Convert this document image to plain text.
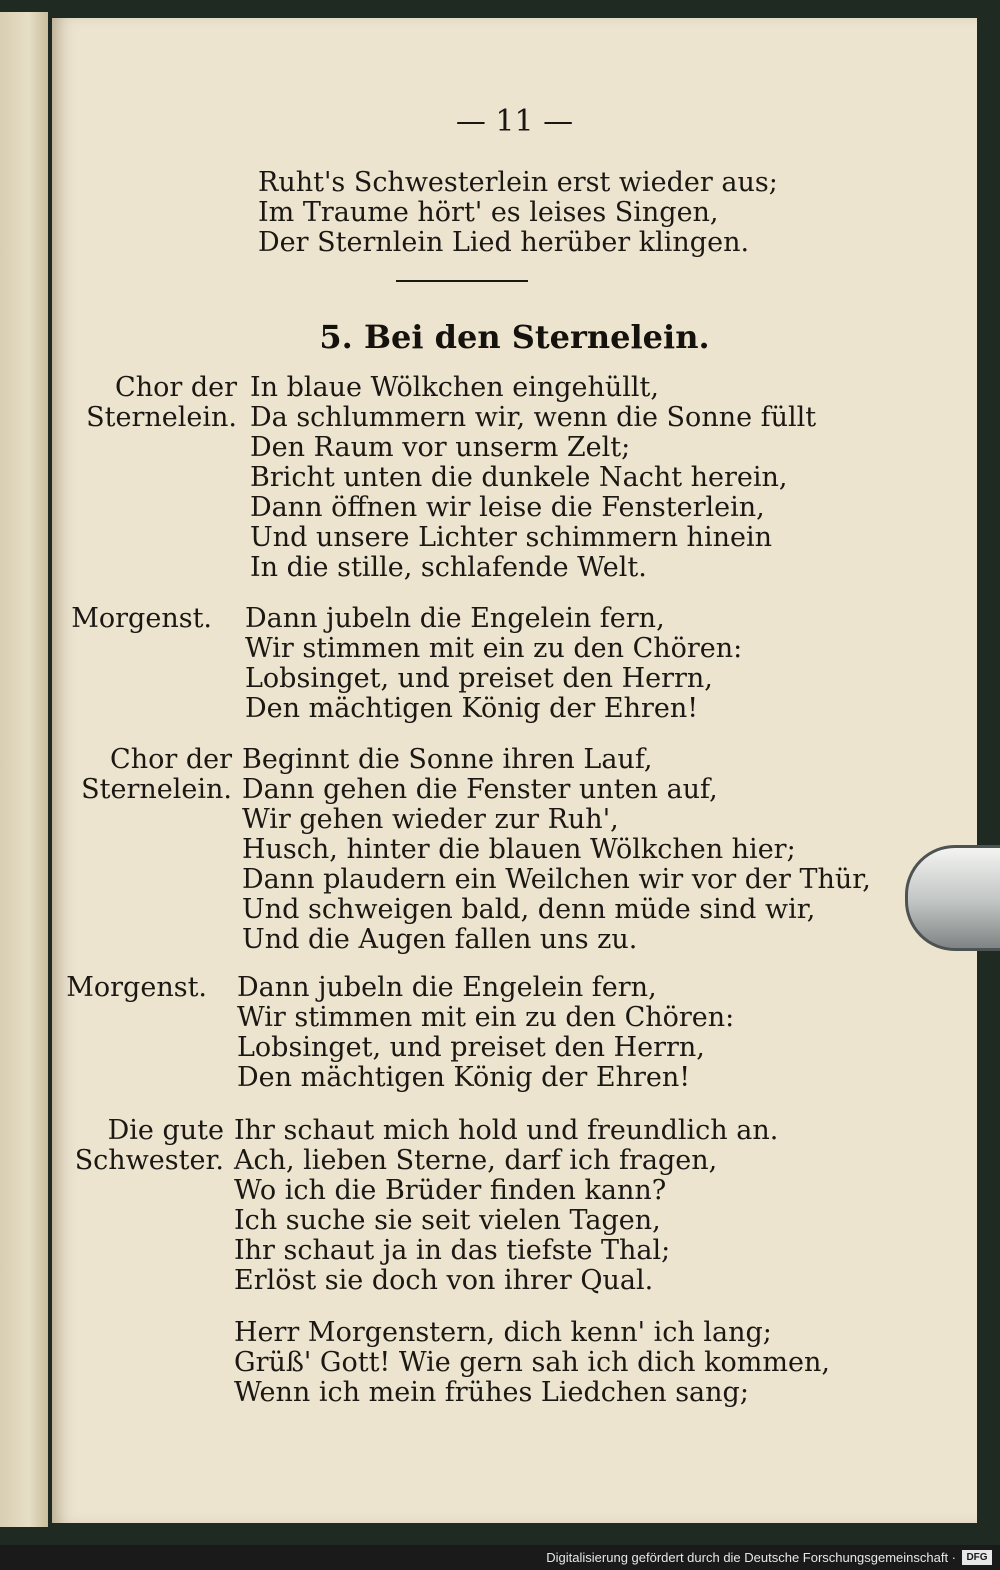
— 11 —
Ruht's Schwesterlein erst wieder aus;
Im Traume hört' es leises Singen,
Der Sternlein Lied herüber klingen.
5. Bei den Sternelein.
Chor der
Sternelein.
In blaue Wölkchen eingehüllt,
Da schlummern wir, wenn die Sonne füllt
Den Raum vor unserm Zelt;
Bricht unten die dunkele Nacht herein,
Dann öffnen wir leise die Fensterlein,
Und unsere Lichter schimmern hinein
In die stille, schlafende Welt.
Morgenst. Dann jubeln die Engelein fern,
Wir stimmen mit ein zu den Chören:
Lobsinget, und preiset den Herrn,
Den mächtigen König der Ehren!
Chor der
Sternelein.
Beginnt die Sonne ihren Lauf,
Dann gehen die Fenster unten auf,
Wir gehen wieder zur Ruh',
Husch, hinter die blauen Wölkchen hier;
Dann plaudern ein Weilchen wir vor der Thür,
Und schweigen bald, denn müde sind wir,
Und die Augen fallen uns zu.
Morgenst. Dann jubeln die Engelein fern,
Wir stimmen mit ein zu den Chören:
Lobsinget, und preiset den Herrn,
Den mächtigen König der Ehren!
Die gute
Schwester.
Ihr schaut mich hold und freundlich an.
Ach, lieben Sterne, darf ich fragen,
Wo ich die Brüder finden kann?
Ich suche sie seit vielen Tagen,
Ihr schaut ja in das tiefste Thal;
Erlöst sie doch von ihrer Qual.
Herr Morgenstern, dich kenn' ich lang;
Grüß' Gott! Wie gern sah ich dich kommen,
Wenn ich mein frühes Liedchen sang;
Digitalisierung gefördert durch die Deutsche Forschungsgemeinschaft ·	DFG
